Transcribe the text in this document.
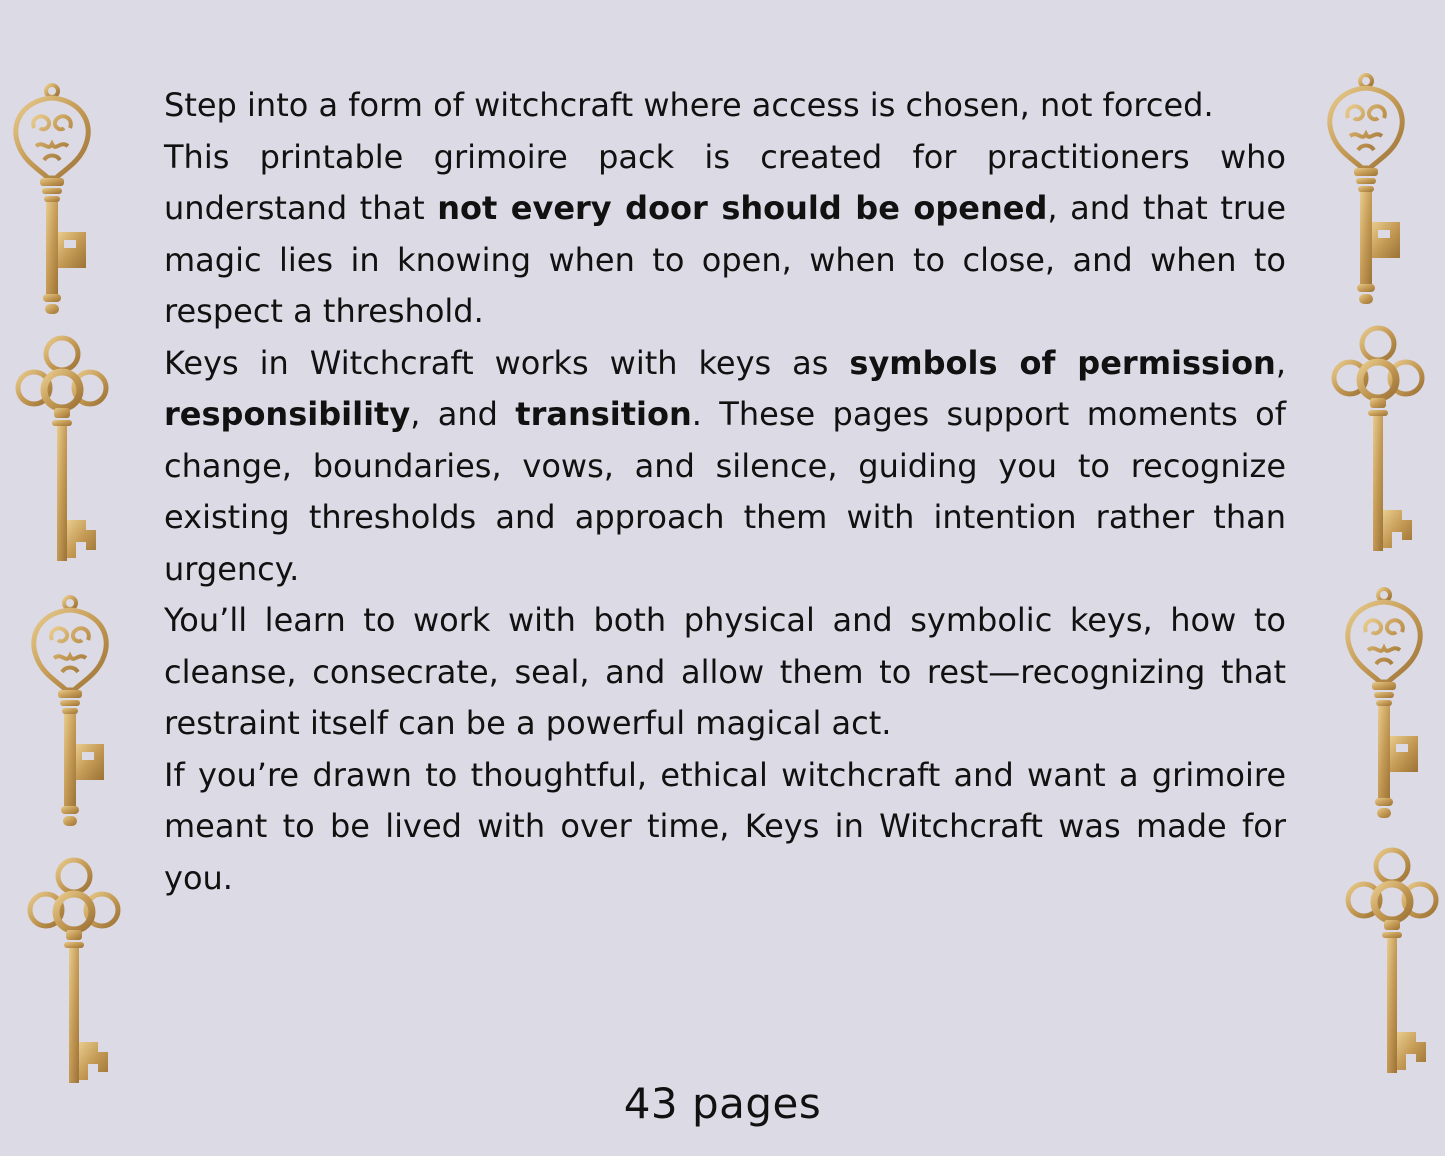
Step into a form of witchcraft where access is chosen, not forced.

This printable grimoire pack is created for practitioners who understand that not every door should be opened, and that true magic lies in knowing when to open, when to close, and when to respect a threshold.

Keys in Witchcraft works with keys as symbols of permission, responsibility, and transition. These pages support moments of change, boundaries, vows, and silence, guiding you to recognize existing thresholds and approach them with intention rather than urgency.

You’ll learn to work with both physical and symbolic keys, how to cleanse, consecrate, seal, and allow them to rest—recognizing that restraint itself can be a powerful magical act.

If you’re drawn to thoughtful, ethical witchcraft and want a grimoire meant to be lived with over time, Keys in Witchcraft was made for you.

43 pages
